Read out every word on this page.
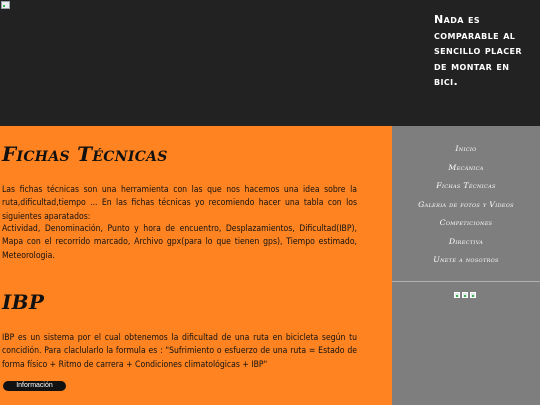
Nada es comparable al sencillo placer de montar en bici.
Fichas Técnicas

Las fichas técnicas son una herramienta con las que nos hacemos una idea sobre la ruta,dificultad,tiempo ... En las fichas técnicas yo recomiendo hacer una tabla con los siguientes aparatados:

Actividad, Denominación, Punto y hora de encuentro, Desplazamientos, Dificultad(IBP), Mapa con el recorrido marcado, Archivo gpx(para lo que tienen gps), Tiempo estimado, Meteorologia.

IBP

IBP es un sistema por el cual obtenemos la dificultad de una ruta en bicicleta según tu concidión. Para claclularlo la formula es : "Sufrimiento o esfuerzo de una ruta = Estado de forma físico + Ritmo de carrera + Condiciones climatológicas + IBP"

Información
Inicio
Mecánica
Fichas Técnicas
Galeria de fotos y Videos
Competiciones
Directiva
Unete a nosotros
